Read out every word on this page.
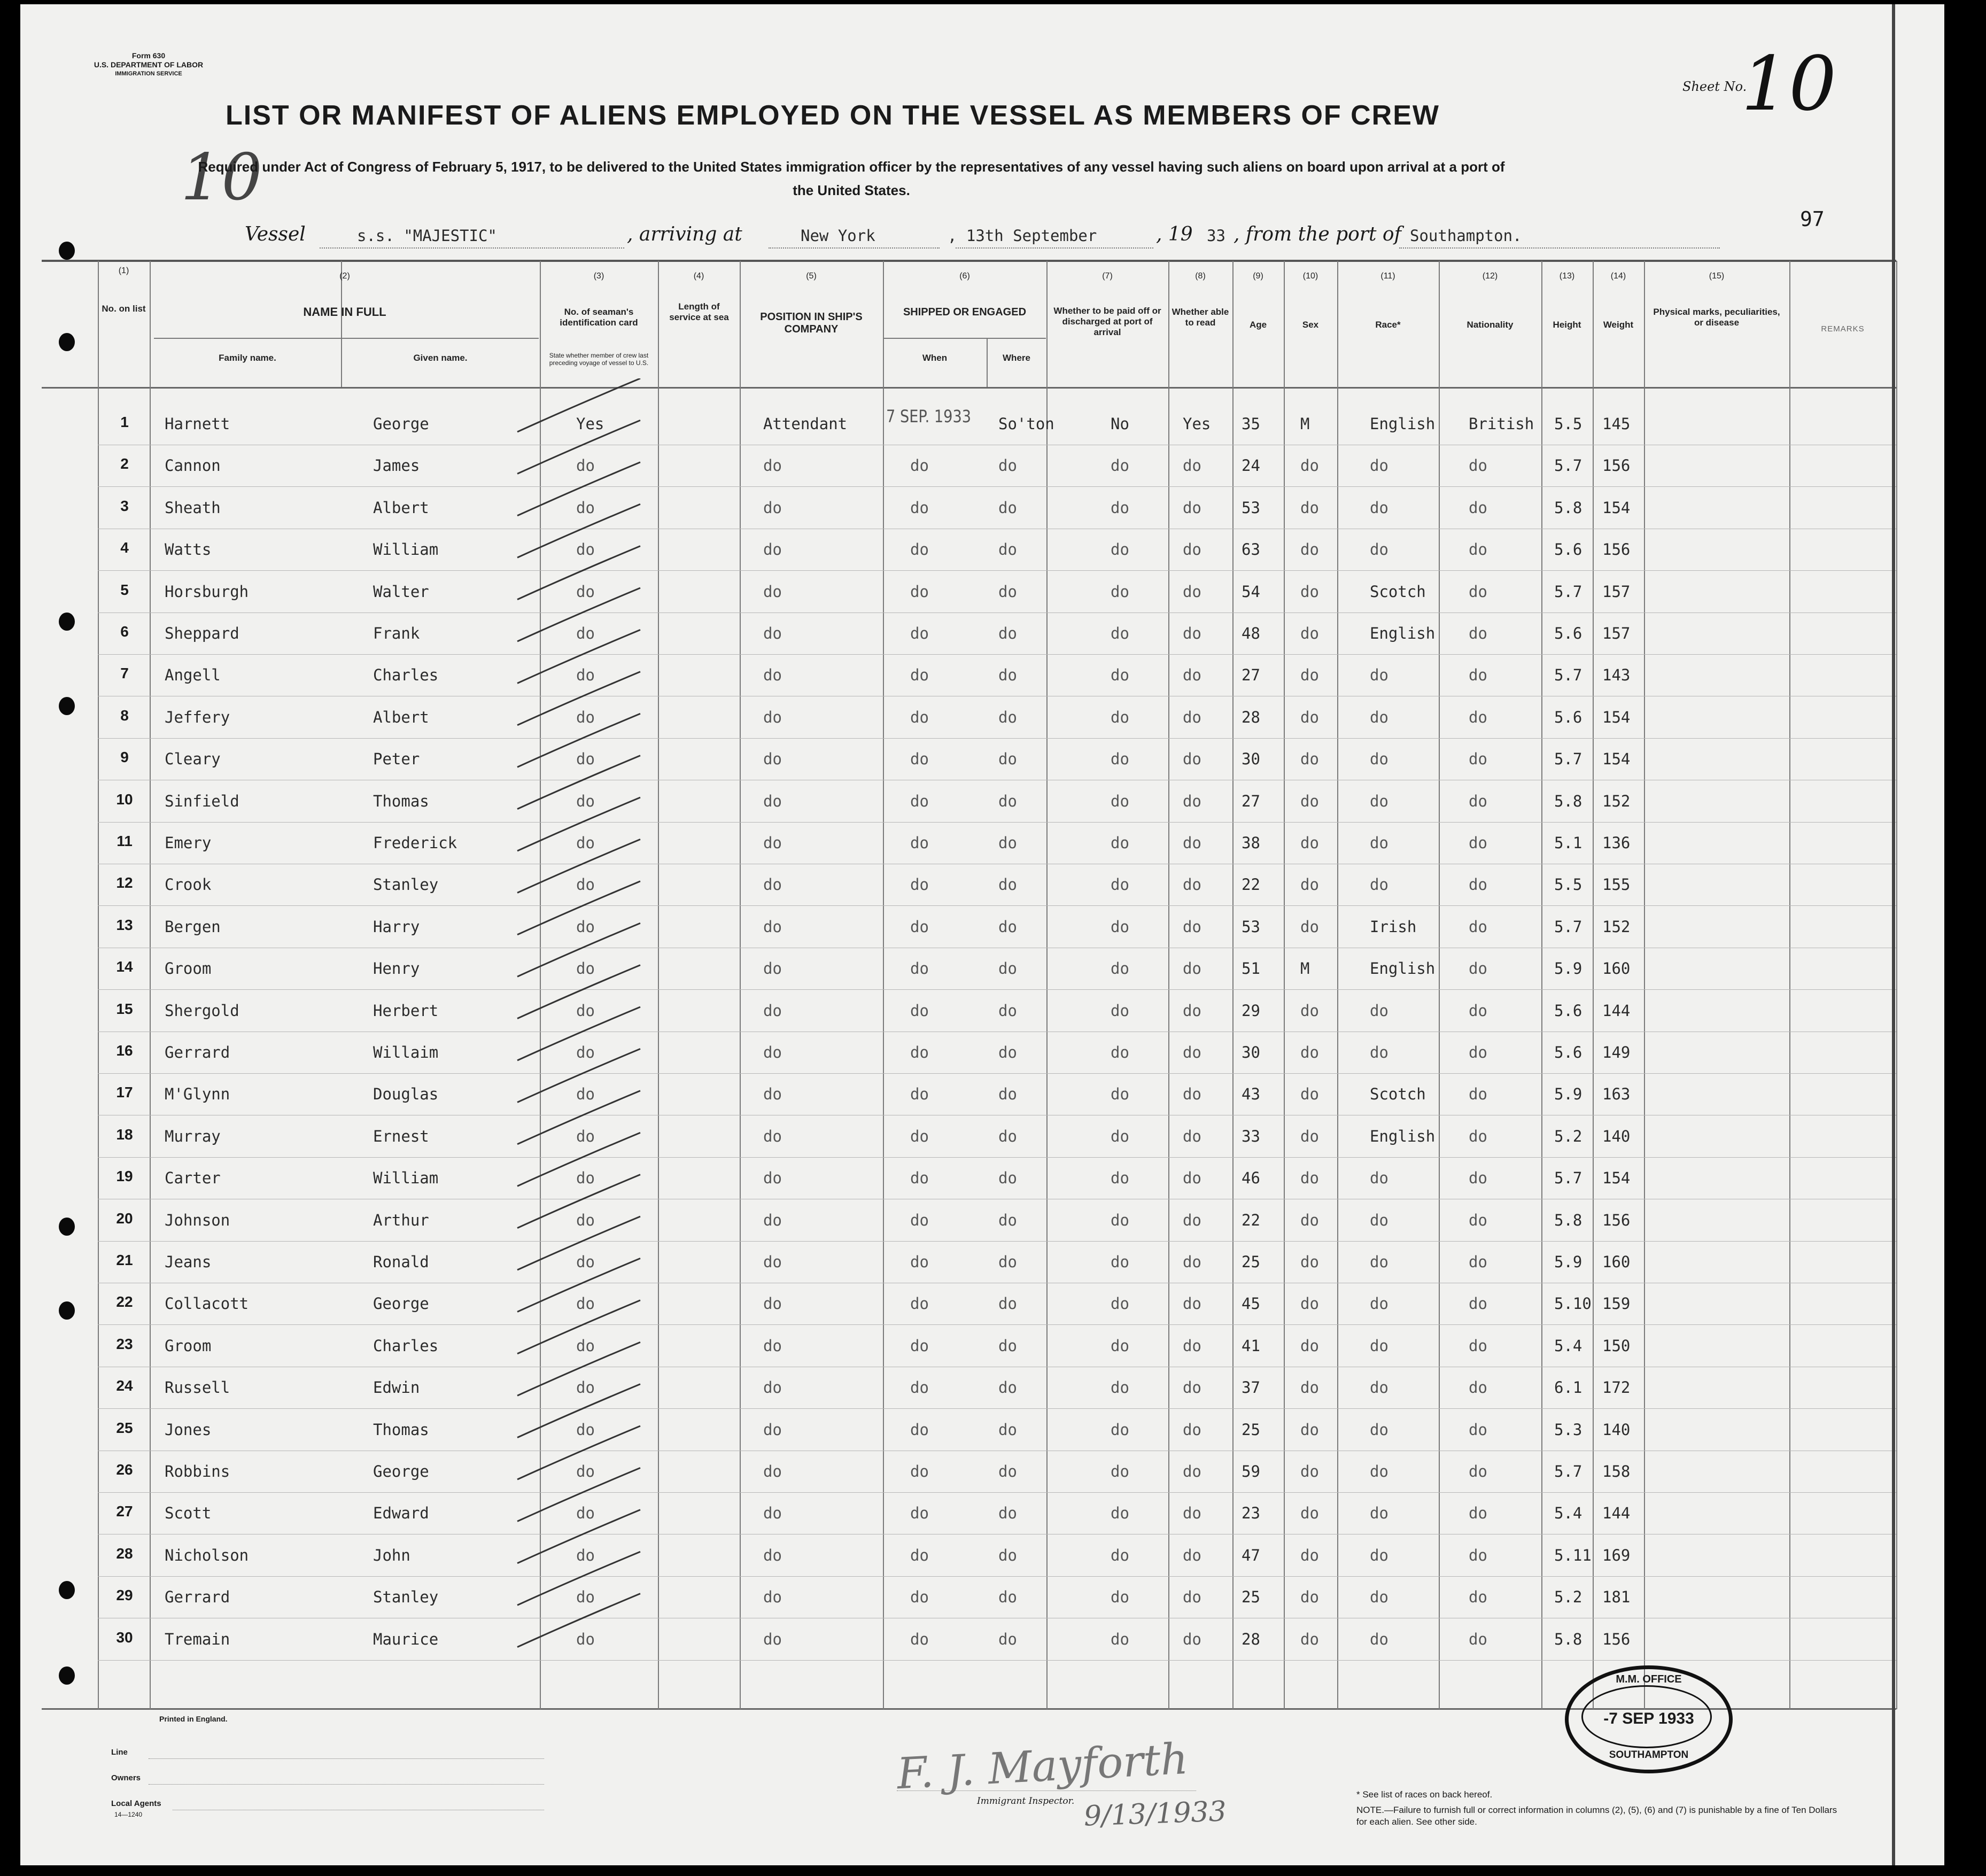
Form 630
U.S. DEPARTMENT OF LABOR
IMMIGRATION SERVICE
Sheet No.
10
10
97
LIST OR MANIFEST OF ALIENS EMPLOYED ON THE VESSEL AS MEMBERS OF CREW
Required under Act of Congress of February 5, 1917, to be delivered to the United States immigration officer by the representatives of any vessel having such aliens on board upon arrival at a port of the United States.
Vessel	s.s. "MAJESTIC"	, arriving at	New York	, 13th September	, 19 33 , from the port of Southampton.
(1)
(2)	(3)	(4)	(5)	(6)	(7)	(8)	(9)	(10)	(11)	(12)	(13)	(14)	(15)
No. on list	NAME IN FULL
Family name.	Given name.
No. of seaman's identification card
State whether member of crew last preceding voyage of vessel to U.S.
Length of service at sea	POSITION IN SHIP'S COMPANY
SHIPPED OR ENGAGED
When	Where
Whether to be paid off or discharged at port of arrival
Whether able to read	Age	Sex	Race*	Nationality	Height	Weight
Physical marks, peculiarities, or disease
REMARKS
7 SEP. 1933
1	Harnett	George	Yes	Attendant	So'ton	No	Yes 35	M	English British 5.5 145
2	Cannon	James	do	do	do	do	do	do	24	do	do	do	5.7 156
3	Sheath	Albert	do	do	do	do	do	do	53	do	do	do	5.8 154
4	Watts	William	do	do	do	do	do	do	63	do	do	do	5.6 156
5	Horsburgh	Walter	do	do	do	do	do	do	54	do	Scotch	do	5.7 157
6	Sheppard	Frank	do	do	do	do	do	do	48	do	English do	5.6 157
7	Angell	Charles	do	do	do	do	do	do	27	do	do	do	5.7 143
8	Jeffery	Albert	do	do	do	do	do	do	28	do	do	do	5.6 154
9	Cleary	Peter	do	do	do	do	do	do	30	do	do	do	5.7 154
10	Sinfield	Thomas	do	do	do	do	do	do	27	do	do	do	5.8 152
11	Emery	Frederick	do	do	do	do	do	do	38	do	do	do	5.1 136
12	Crook	Stanley	do	do	do	do	do	do	22	do	do	do	5.5 155
13	Bergen	Harry	do	do	do	do	do	do	53	do	Irish	do	5.7 152
14	Groom	Henry	do	do	do	do	do	do	51	M	English do	5.9 160
15	Shergold	Herbert	do	do	do	do	do	do	29	do	do	do	5.6 144
16	Gerrard	Willaim	do	do	do	do	do	do	30	do	do	do	5.6 149
17	M'Glynn	Douglas	do	do	do	do	do	do	43	do	Scotch	do	5.9 163
18	Murray	Ernest	do	do	do	do	do	do	33	do	English do	5.2 140
19	Carter	William	do	do	do	do	do	do	46	do	do	do	5.7 154
20	Johnson	Arthur	do	do	do	do	do	do	22	do	do	do	5.8 156
21	Jeans	Ronald	do	do	do	do	do	do	25	do	do	do	5.9 160
22	Collacott	George	do	do	do	do	do	do	45	do	do	do	5.10 159
23	Groom	Charles	do	do	do	do	do	do	41	do	do	do	5.4 150
24	Russell	Edwin	do	do	do	do	do	do	37	do	do	do	6.1 172
25	Jones	Thomas	do	do	do	do	do	do	25	do	do	do	5.3 140
26	Robbins	George	do	do	do	do	do	do	59	do	do	do	5.7 158
27	Scott	Edward	do	do	do	do	do	do	23	do	do	do	5.4 144
28	Nicholson	John	do	do	do	do	do	do	47	do	do	do	5.11 169
29	Gerrard	Stanley	do	do	do	do	do	do	25	do	do	do	5.2 181
30	Tremain	Maurice	do	do	do	do	do	do	28	do	do	do	5.8 156
Printed in England.
Line
Owners
Local Agents
14—1240
F. J. Mayforth
Immigrant Inspector. 9/13/1933
* See list of races on back hereof.
NOTE.—Failure to furnish full or correct information in columns (2), (5), (6) and (7) is punishable by a fine of Ten Dollars for each alien. See other side.
M.M. OFFICE
-7 SEP 1933
SOUTHAMPTON
